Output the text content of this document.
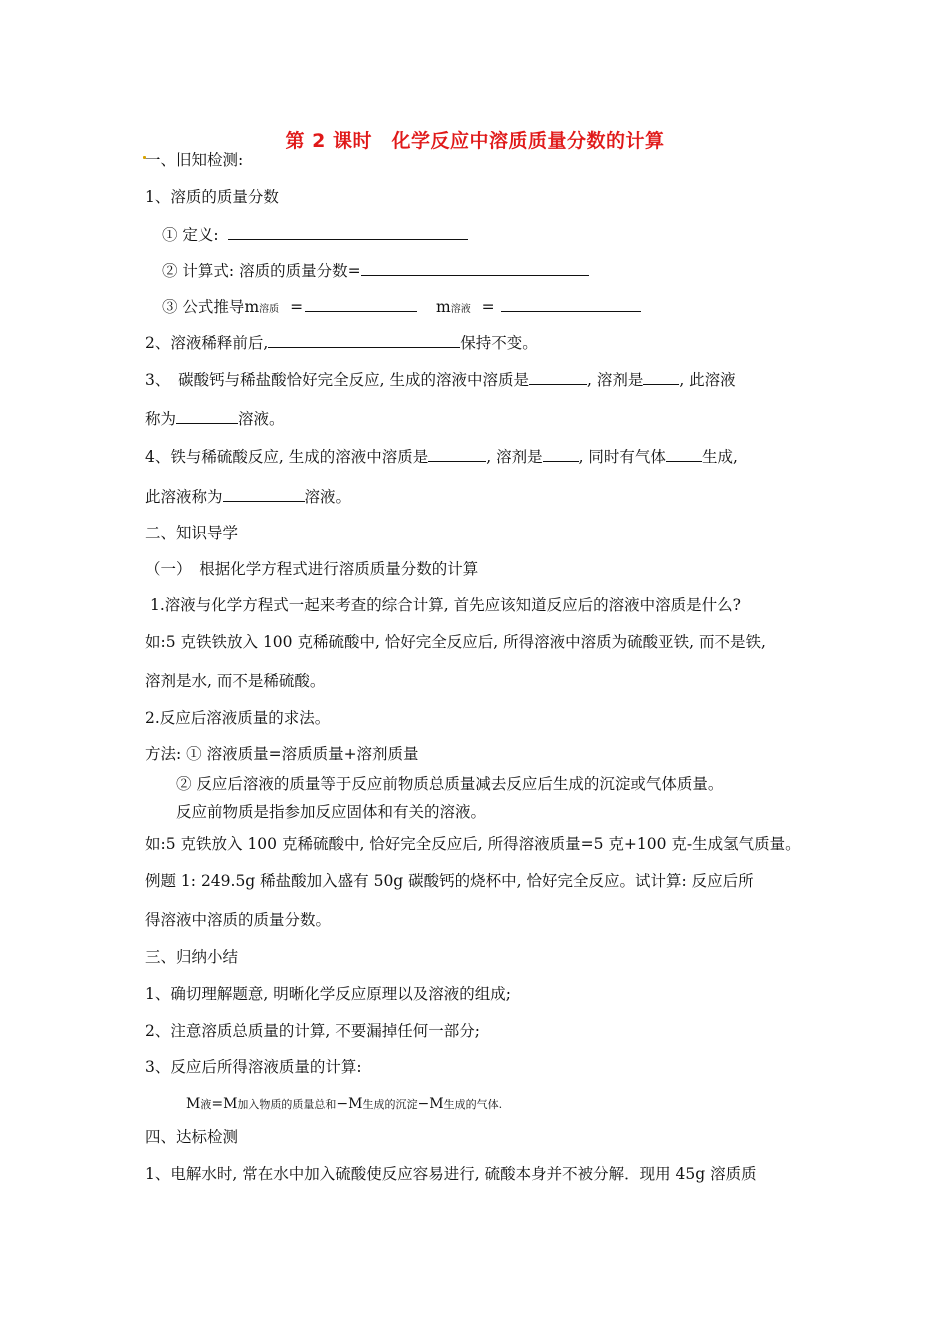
第 2 课时　化学反应中溶质质量分数的计算
一、旧知检测:
1、溶质的质量分数
① 定义:
② 计算式: 溶质的质量分数=
③ 公式推导m溶质 =	m溶液 =
2、溶液稀释前后,	保持不变。
3、　碳酸钙与稀盐酸恰好完全反应, 生成的溶液中溶质是	, 溶剂是 , 此溶液
称为	溶液。
4、铁与稀硫酸反应, 生成的溶液中溶质是	, 溶剂是 , 同时有气体 生成,
此溶液称为	溶液。
二、知识导学
（一）　根据化学方程式进行溶质质量分数的计算
1.溶液与化学方程式一起来考查的综合计算, 首先应该知道反应后的溶液中溶质是什么?
如:5 克铁铁放入 100 克稀硫酸中, 恰好完全反应后, 所得溶液中溶质为硫酸亚铁, 而不是铁,
溶剂是水, 而不是稀硫酸。
2.反应后溶液质量的求法。
方法: ① 溶液质量=溶质质量+溶剂质量
② 反应后溶液的质量等于反应前物质总质量减去反应后生成的沉淀或气体质量。
反应前物质是指参加反应固体和有关的溶液。
如:5 克铁放入 100 克稀硫酸中, 恰好完全反应后, 所得溶液质量=5 克+100 克-生成氢气质量。
例题 1: 249.5g 稀盐酸加入盛有 50g 碳酸钙的烧杯中, 恰好完全反应。试计算: 反应后所
得溶液中溶质的质量分数。
三、归纳小结
1、确切理解题意, 明晰化学反应原理以及溶液的组成;
2、注意溶质总质量的计算, 不要漏掉任何一部分;
3、反应后所得溶液质量的计算:
M液=M加入物质的质量总和−M生成的沉淀−M生成的气体.
四、达标检测
1、电解水时, 常在水中加入硫酸使反应容易进行, 硫酸本身并不被分解．现用 45g 溶质质
